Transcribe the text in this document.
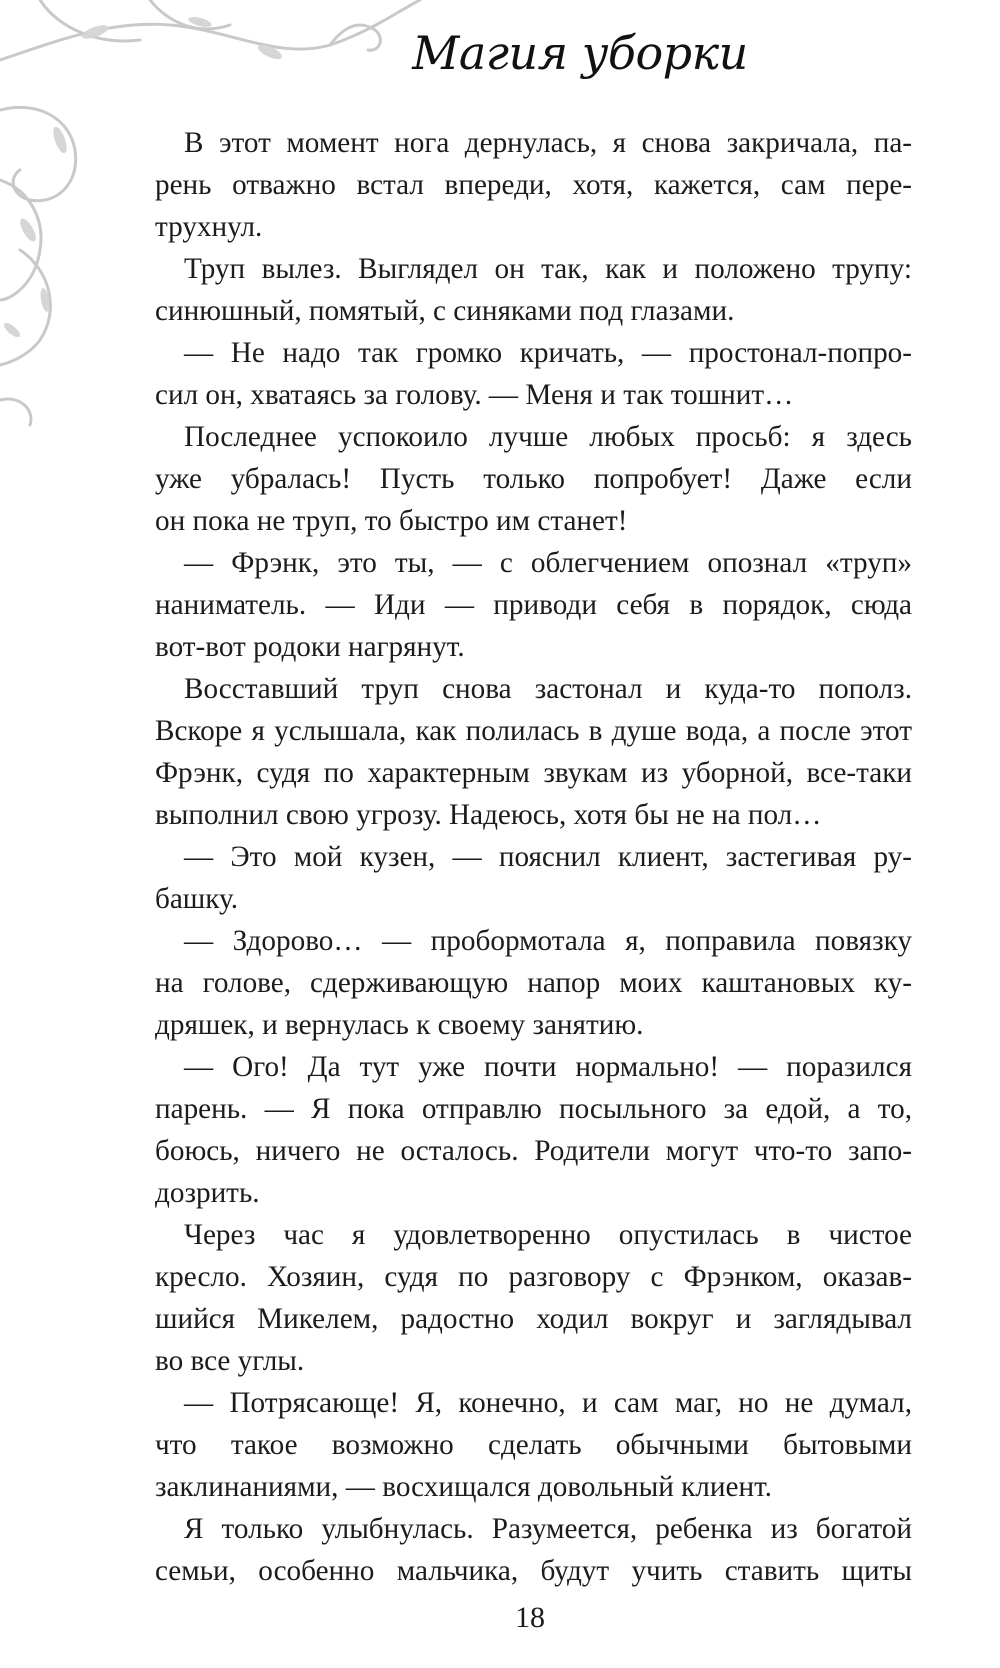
Магия уборки
В этот момент нога дернулась, я снова закричала, па-
рень отважно встал впереди, хотя, кажется, сам пере-
трухнул.
Труп вылез. Выглядел он так, как и положено трупу:
синюшный, помятый, с синяками под глазами.
— Не надо так громко кричать, — простонал-попро-
сил он, хватаясь за голову. — Меня и так тошнит…
Последнее успокоило лучше любых просьб: я здесь
уже убралась! Пусть только попробует! Даже если
он пока не труп, то быстро им станет!
— Фрэнк, это ты, — с облегчением опознал «труп»
наниматель. — Иди — приводи себя в порядок, сюда
вот-вот родоки нагрянут.
Восставший труп снова застонал и куда-то пополз.
Вскоре я услышала, как полилась в душе вода, а после этот
Фрэнк, судя по характерным звукам из уборной, все-таки
выполнил свою угрозу. Надеюсь, хотя бы не на пол…
— Это мой кузен, — пояснил клиент, застегивая ру-
башку.
— Здорово… — пробормотала я, поправила повязку
на голове, сдерживающую напор моих каштановых ку-
дряшек, и вернулась к своему занятию.
— Ого! Да тут уже почти нормально! — поразился
парень. — Я пока отправлю посыльного за едой, а то,
боюсь, ничего не осталось. Родители могут что-то запо-
дозрить.
Через час я удовлетворенно опустилась в чистое
кресло. Хозяин, судя по разговору с Фрэнком, оказав-
шийся Микелем, радостно ходил вокруг и заглядывал
во все углы.
— Потрясающе! Я, конечно, и сам маг, но не думал,
что такое возможно сделать обычными бытовыми
заклинаниями, — восхищался довольный клиент.
Я только улыбнулась. Разумеется, ребенка из богатой
семьи, особенно мальчика, будут учить ставить щиты
18
